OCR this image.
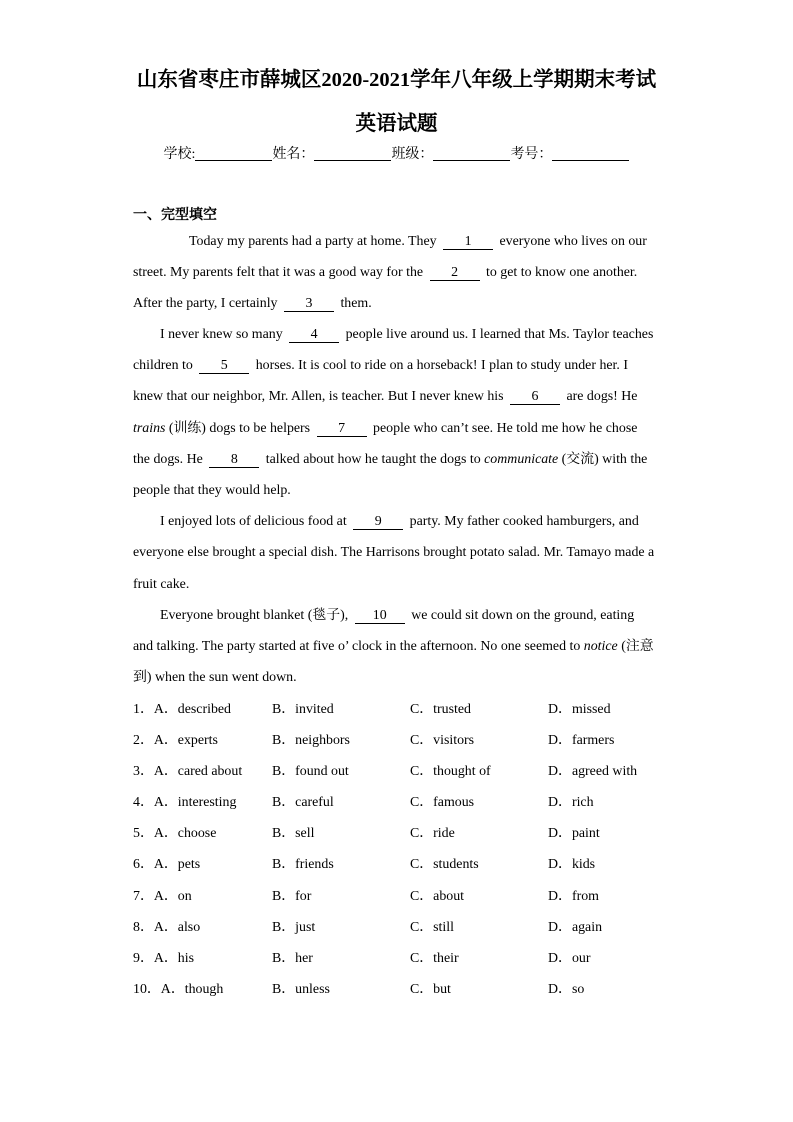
山东省枣庄市薛城区2020-2021学年八年级上学期期末考试
英语试题
学校:	姓名：	班级：	考号：
一、完型填空
Today my parents had a party at home. They 1 everyone who lives on our
street. My parents felt that it was a good way for the 2 to get to know one another.
After the party, I certainly 3 them.
I never knew so many 4 people live around us. I learned that Ms. Taylor teaches
children to 5 horses. It is cool to ride on a horseback! I plan to study under her. I
knew that our neighbor, Mr. Allen, is teacher. But I never knew his 6 are dogs! He
trains (训练) dogs to be helpers 7 people who can’t see. He told me how he chose
the dogs. He 8 talked about how he taught the dogs to communicate (交流) with the
people that they would help.
I enjoyed lots of delicious food at 9 party. My father cooked hamburgers, and
everyone else brought a special dish. The Harrisons brought potato salad. Mr. Tamayo made a
fruit cake.
Everyone brought blanket (毯子), 10 we could sit down on the ground, eating
and talking. The party started at five o’ clock in the afternoon. No one seemed to notice (注意
到) when the sun went down.
1．A．described	B．invited	C．trusted	D．missed
2．A．experts	B．neighbors	C．visitors	D．farmers
3．A．cared about	B．found out	C．thought of	D．agreed with
4．A．interesting	B．careful	C．famous	D．rich
5．A．choose	B．sell	C．ride	D．paint
6．A．pets	B．friends	C．students	D．kids
7．A．on	B．for	C．about	D．from
8．A．also	B．just	C．still	D．again
9．A．his	B．her	C．their	D．our
10．A．though	B．unless	C．but	D．so
